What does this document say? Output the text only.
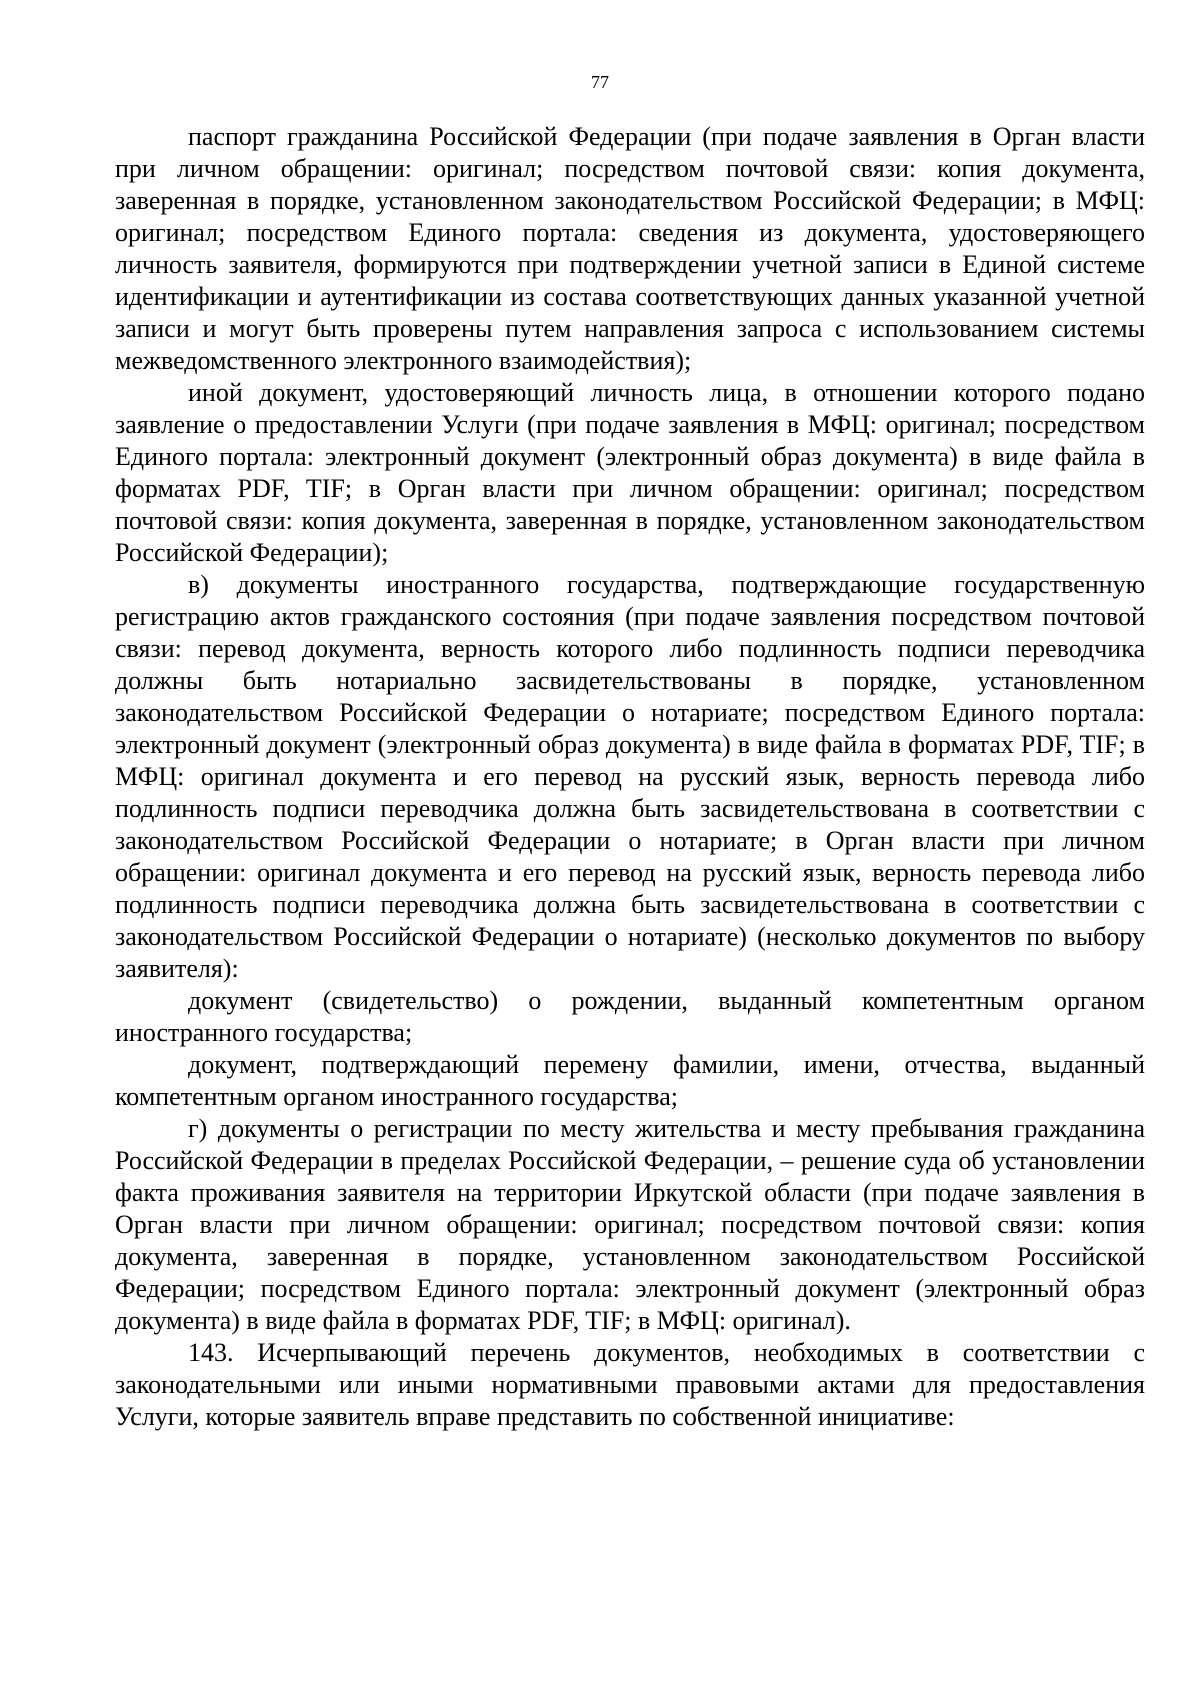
77

паспорт гражданина Российской Федерации (при подаче заявления в Орган власти при личном обращении: оригинал; посредством почтовой связи: копия документа, заверенная в порядке, установленном законодательством Российской Федерации; в МФЦ: оригинал; посредством Единого портала: сведения из документа, удостоверяющего личность заявителя, формируются при подтверждении учетной записи в Единой системе идентификации и аутентификации из состава соответствующих данных указанной учетной записи и могут быть проверены путем направления запроса с использованием системы межведомственного электронного взаимодействия);

иной документ, удостоверяющий личность лица, в отношении которого подано заявление о предоставлении Услуги (при подаче заявления в МФЦ: оригинал; посредством Единого портала: электронный документ (электронный образ документа) в виде файла в форматах PDF, TIF; в Орган власти при личном обращении: оригинал; посредством почтовой связи: копия документа, заверенная в порядке, установленном законодательством Российской Федерации);

в) документы иностранного государства, подтверждающие государственную регистрацию актов гражданского состояния (при подаче заявления посредством почтовой связи: перевод документа, верность которого либо подлинность подписи переводчика должны быть нотариально засвидетельствованы в порядке, установленном законодательством Российской Федерации о нотариате; посредством Единого портала: электронный документ (электронный образ документа) в виде файла в форматах PDF, TIF; в МФЦ: оригинал документа и его перевод на русский язык, верность перевода либо подлинность подписи переводчика должна быть засвидетельствована в соответствии с законодательством Российской Федерации о нотариате; в Орган власти при личном обращении: оригинал документа и его перевод на русский язык, верность перевода либо подлинность подписи переводчика должна быть засвидетельствована в соответствии с законодательством Российской Федерации о нотариате) (несколько документов по выбору заявителя):

документ (свидетельство) о рождении, выданный компетентным органом иностранного государства;

документ, подтверждающий перемену фамилии, имени, отчества, выданный компетентным органом иностранного государства;

г) документы о регистрации по месту жительства и месту пребывания гражданина Российской Федерации в пределах Российской Федерации, – решение суда об установлении факта проживания заявителя на территории Иркутской области (при подаче заявления в Орган власти при личном обращении: оригинал; посредством почтовой связи: копия документа, заверенная в порядке, установленном законодательством Российской Федерации; посредством Единого портала: электронный документ (электронный образ документа) в виде файла в форматах PDF, TIF; в МФЦ: оригинал).

143. Исчерпывающий перечень документов, необходимых в соответствии с законодательными или иными нормативными правовыми актами для предоставления Услуги, которые заявитель вправе представить по собственной инициативе:
